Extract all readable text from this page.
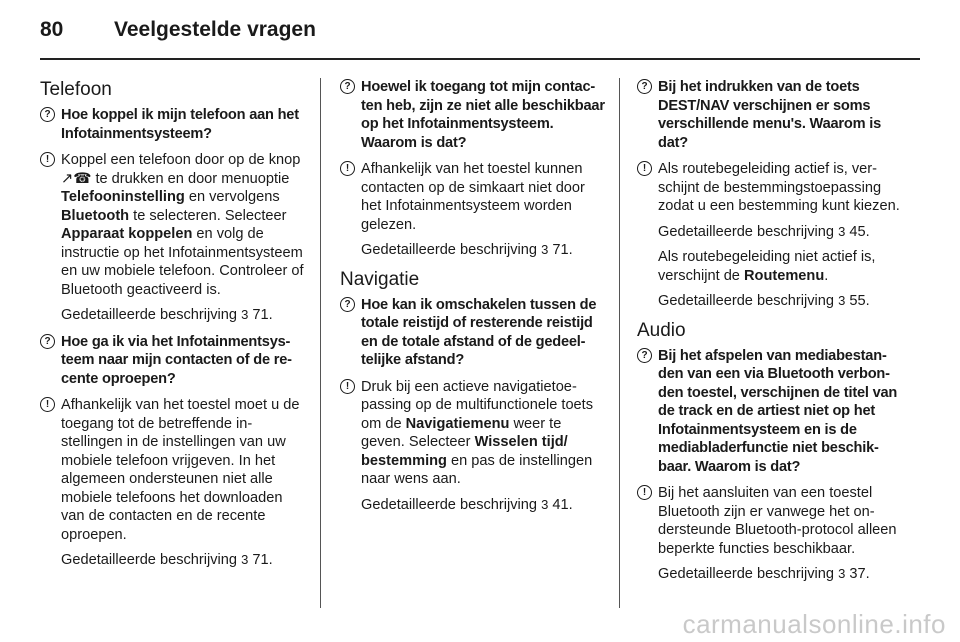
80 Veelgestelde vragen
Telefoon
? Hoe koppel ik mijn telefoon aan het Infotainmentsysteem?
! Koppel een telefoon door op de knop ↗☎ te drukken en door menuoptie Telefooninstelling en vervolgens Bluetooth te selecteren. Selecteer Apparaat koppelen en volg de instructie op het Infotainmentsysteem en uw mobiele telefoon. Controleer of Bluetooth geactiveerd is.
Gedetailleerde beschrijving 3 71.
? Hoe ga ik via het Infotainmentsysteem naar mijn contacten of de recente oproepen?
! Afhankelijk van het toestel moet u de toegang tot de betreffende instellingen in de instellingen van uw mobiele telefoon vrijgeven. In het algemeen ondersteunen niet alle mobiele telefoons het downloaden van de contacten en de recente oproepen.
Gedetailleerde beschrijving 3 71.
? Hoewel ik toegang tot mijn contacten heb, zijn ze niet alle beschikbaar op het Infotainmentsysteem. Waarom is dat?
! Afhankelijk van het toestel kunnen contacten op de simkaart niet door het Infotainmentsysteem worden gelezen.
Gedetailleerde beschrijving 3 71.
Navigatie
? Hoe kan ik omschakelen tussen de totale reistijd of resterende reistijd en de totale afstand of de gedeeltelijke afstand?
! Druk bij een actieve navigatietoepassing op de multifunctionele toets om de Navigatiemenu weer te geven. Selecteer Wisselen tijd/ bestemming en pas de instellingen naar wens aan.
Gedetailleerde beschrijving 3 41.
? Bij het indrukken van de toets DEST/NAV verschijnen er soms verschillende menu's. Waarom is dat?
! Als routebegeleiding actief is, verschijnt de bestemmingstoepassing zodat u een bestemming kunt kiezen.
Gedetailleerde beschrijving 3 45.
Als routebegeleiding niet actief is, verschijnt de Routemenu.
Gedetailleerde beschrijving 3 55.
Audio
? Bij het afspelen van mediabestanden van een via Bluetooth verbonden toestel, verschijnen de titel van de track en de artiest niet op het Infotainmentsysteem en is de mediabladerfunctie niet beschikbaar. Waarom is dat?
! Bij het aansluiten van een toestel Bluetooth zijn er vanwege het ondersteunde Bluetooth-protocol alleen beperkte functies beschikbaar.
Gedetailleerde beschrijving 3 37.
carmanualsonline.info
